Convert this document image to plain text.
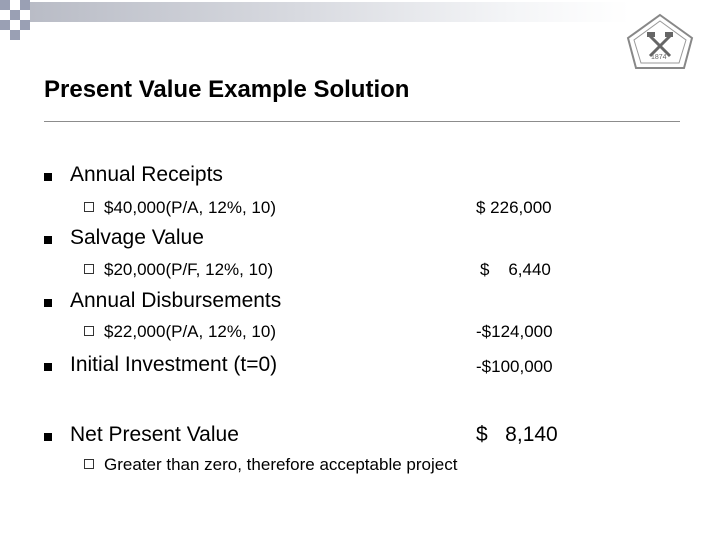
1874
Present Value Example Solution
Annual Receipts
$40,000(P/A, 12%, 10)	$ 226,000
Salvage Value
$20,000(P/F, 12%, 10)	$    6,440
Annual Disbursements
$22,000(P/A, 12%, 10)	-$124,000
Initial Investment (t=0)	-$100,000
Net Present Value	$   8,140
Greater than zero, therefore acceptable project
